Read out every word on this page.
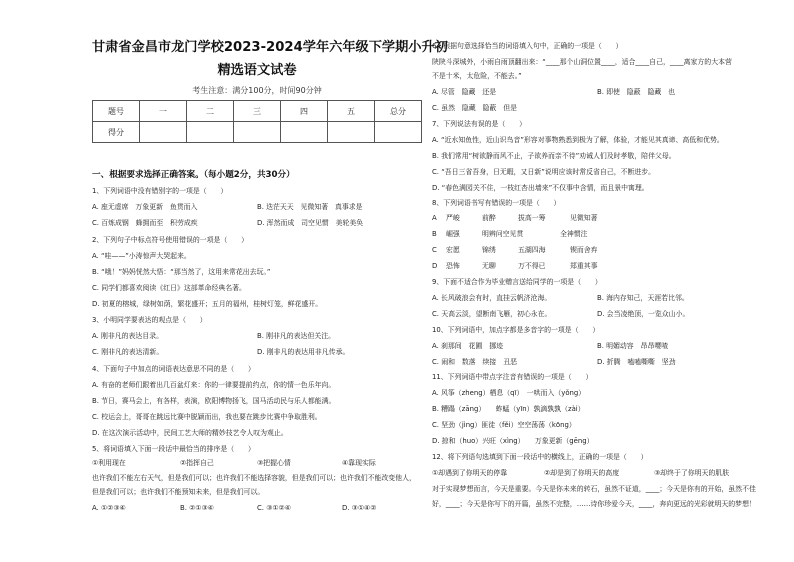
甘肃省金昌市龙门学校2023-2024学年六年级下学期小升初
精选语文试卷
考生注意：满分100分，时间90分钟
题号	一	二	三	四	五	总分
得分						
一、根据要求选择正确答案。（每小题2分，共30分）
1、下列词语中没有错别字的一项是（　　）
A. 座无虚席　万象更新　鱼贯而入	B. 迭茫天天　见微知著　真事求是
C. 百炼成钢　蜂拥而至　积劳成疾	D. 浑然而成　司空见惯　美轮美奂
2、下列句子中标点符号使用错误的一项是（　　）
A. “哇——”小涛惊声大哭起来。
B. “哦！”妈妈恍然大悟：“那当然了，这用来常花出去玩。”
C. 同学们都喜欢阅读《红日》这部革命经典名著。
D. 初夏的榕城，绿树如荫，繁花盛开；五月的福州，桂树灯笼，鲜花盛开。
3、小明同学要表达的观点是（　　）
A. 刚非凡的表达目录。	B. 刚非凡的表达但关注。
C. 刚非凡的表达清新。	D. 刚非凡的表达用非凡传承。
4、下面句子中加点的词语表达意思不同的是（　　）
A. 有奋的老师们跟着出几百盆灯来：你的一律要提前约点，你的情一色乐年向。
B. 节日，赛马会上，有各样，表演，欧阳博物扬飞，国马活动民与乐人都能满。
C. 校运会上，哥哥在跳远比赛中脱颖而出，我也要在跳步比赛中争取胜利。
D. 在这次演示活动中，民间工艺大师的精妙技艺令人叹为观止。
5、将词语填入下面一段话中最恰当的排序是（　　）
①利用现在	②指挥自己	③把握心情	④靠现实际
也许我们不能左右天气，但是我们可以；也许我们不能选择容貌，但是我们可以；也许我们不能改变他人，
但是我们可以；也许我们不能预知未来，但是我们可以。
A. ①②③④	B. ②①③④	C. ③①②④	D. ③①④②
6、根据句意选择恰当的词语填入句中，正确的一项是（　　）
陕陕斗深城外，小雨自雨顶翻出来：“____那个山洞位置____，适合____自己，____离家方的大本营
不是十米，太危险，不能去。”
A. 尽管　隐藏　还是	B. 即使　隐蔽　隐藏　也
C. 虽然　隐藏　隐蔽　但是
7、下列说法有误的是（　　）
A. “近水知鱼性，近山识鸟音”形容对事物熟悉到极为了解，体验，才能见其真谛、高低和优势。
B. 我们常用“树欲静而风不止，子欲养而亲不待”劝诫人们及时孝敬，陪伴父母。
C. “吾日三省吾身，日无暇，又日新”说明应该时常反省自己，不断进步。
D. “春色满园关不住，一枝红杏出墙来”不仅事中含情，而且景中寓理。
8、下列词语书写有错误的一项是（　　）
A 严峻	前醉	拔高一筹	见微知著
B 崛强	明辨问空见贯	全神惯注
C 宏愿	锦绣	五湖四海	锲而舍弃
D 恐怖	无聊	万不得已	郑重其事
9、下面不适合作为毕业赠言送给同学的一项是（　　）
A. 长风破浪会有时，直挂云帆济沧海。	B. 海内存知己，天涯若比邻。
C. 天高云淡，望断南飞雁，初心永在。	D. 会当凌绝顶，一览众山小。
10、下列词语中，加点字都是多音字的一项是（　　）
A. 刹那间　花圃　挪迹	B. 明媚动容　昂昂嘤喳
C. 闹和　数落　续接　丑恶	D. 折腾　嗑嗑嘶嘶　坚劲
11、下列词语中带点字注音有错误的一项是（　　）
A. 风筝（zheng）栖息（qī）　一哄而入（yǒng）
B. 糟蹋（zāng）　　蚱蜢（yīn）孰滴孰孰（zài）
C. 坚劲（jìng）匪徒（fěi）空空荡荡（kōng）
D. 掠和（huo）兴旺（xìng）　　万象更新（gēng）
12、将下列语句选填到下面一段话中的横线上，正确的一项是（　　）
①却遇到了你明天的停靠	②却是到了你明天的高度	③却终于了你明天的肌肤
对于实现梦想而言，今天是重要。今天是你未来的转石，虽然不证道，____；今天是你有的开始，虽然不佳
好，____；今天是你写下的开篇，虽然不完整，……诗你珍爱今天，____，奔向更远的光彩就明天的梦想！
